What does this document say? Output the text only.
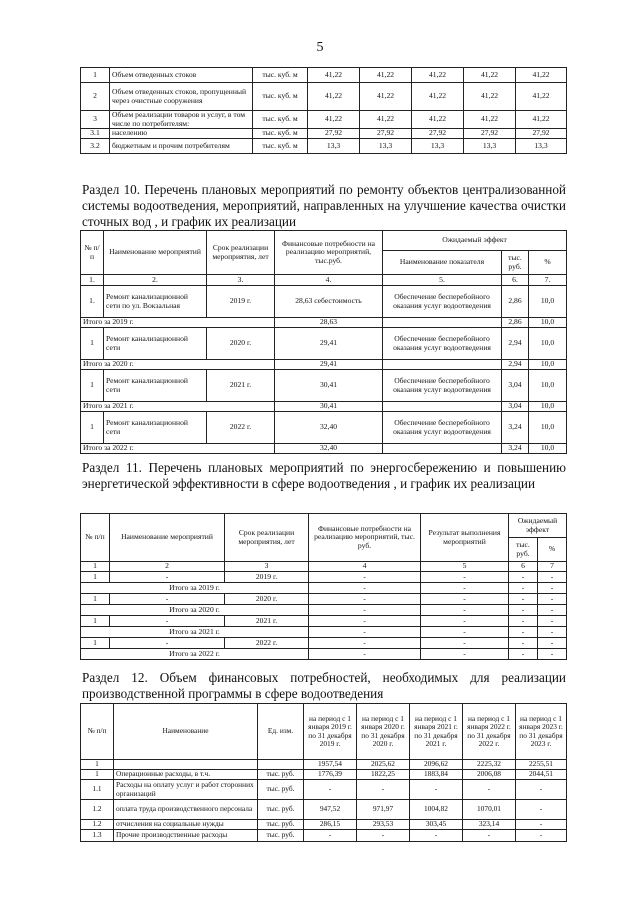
5
1	Объем отведенных стоков	тыс. куб. м	41,22	41,22	41,22	41,22	41,22
2	Объем отведенных стоков, пропущенный через очистные сооружения	тыс. куб. м	41,22	41,22	41,22	41,22	41,22
3	Объем реализации товаров и услуг, в том числе по потребителям:	тыс. куб. м	41,22	41,22	41,22	41,22	41,22
3.1	населению	тыс. куб. м	27,92	27,92	27,92	27,92	27,92
3.2	бюджетным и прочим потребителям	тыс. куб. м	13,3	13,3	13,3	13,3	13,3
Раздел 10. Перечень плановых мероприятий по ремонту объектов централизованной системы водоотведения, мероприятий, направленных на улучшение качества очистки сточных вод , и график их реализации
№ п/ п	Наименование мероприятий	Срок реализации мероприятия, лет	Финансовые потребности на реализацию мероприятий, тыс.руб.	Ожидаемый эффект		
				Наименование показателя	тыс. руб.	%
1.	2.	3.	4.	5.	6.	7.
1.	Ремонт канализационной сети по ул. Вокзальная	2019 г.	28,63 себестоимость	Обеспечение бесперебойного оказания услуг водоотведения	2,86	10,0
Итого за 2019 г.			28,63		2,86	10,0
1	Ремонт канализационной сети	2020 г.	29,41	Обеспечение бесперебойного оказания услуг водоотведения	2,94	10,0
Итого за 2020 г.			29,41		2,94	10,0
1	Ремонт канализационной сети	2021 г.	30,41	Обеспечение бесперебойного оказания услуг водоотведения	3,04	10,0
Итого за 2021 г.			30,41		3,04	10,0
1	Ремонт канализационной сети	2022 г.	32,40	Обеспечение бесперебойного оказания услуг водоотведения	3,24	10,0
Итого за 2022 г.			32,40		3,24	10,0
Раздел 11. Перечень плановых мероприятий по энергосбережению и повышению энергетической эффективности в сфере водоотведения , и график их реализации
№ п/п	Наименование мероприятий	Срок реализации мероприятия, лет	Финансовые потребности на реализацию мероприятий, тыс. руб.	Результат выполнения мероприятий	Ожидаемый эффект	
					тыс. руб.	%
1	2	3	4	5	6	7
1	-	2019 г.	-	-	-	-
Итого за 2019 г.			-	-	-	-
1	-	2020 г.	-	-	-	-
Итого за 2020 г.			-	-	-	-
1	-	2021 г.	-	-	-	-
Итого за 2021 г.			-	-	-	-
1	-	2022 г.	-	-	-	-
Итого за 2022 г.			-	-	-	-
Раздел 12. Объем финансовых потребностей, необходимых для реализации производственной программы в сфере водоотведения
№ п/п	Наименование	Ед. изм.	на период с 1 января 2019 г. по 31 декабря 2019 г.	на период с 1 января 2020 г. по 31 декабря 2020 г.	на период с 1 января 2021 г. по 31 декабря 2021 г.	на период с 1 января 2022 г. по 31 декабря 2022 г.	на период с 1 января 2023 г. по 31 декабря 2023 г.
1			1957,54	2025,62	2096,62	2225,32	2255,51
1	Операционные расходы, в т.ч.	тыс. руб.	1776,39	1822,25	1883,84	2006,08	2044,51
1.1	Расходы на оплату услуг и работ сторонних организаций	тыс. руб.	-	-	-	-	-
1.2	оплата труда производственного персонала	тыс. руб.	947,52	971,97	1004,82	1070,01	-
1.2	отчисления на социальные нужды	тыс. руб.	286,15	293,53	303,45	323,14	-
1.3	Прочие производственные расходы	тыс. руб.	-	-	-	-	-
